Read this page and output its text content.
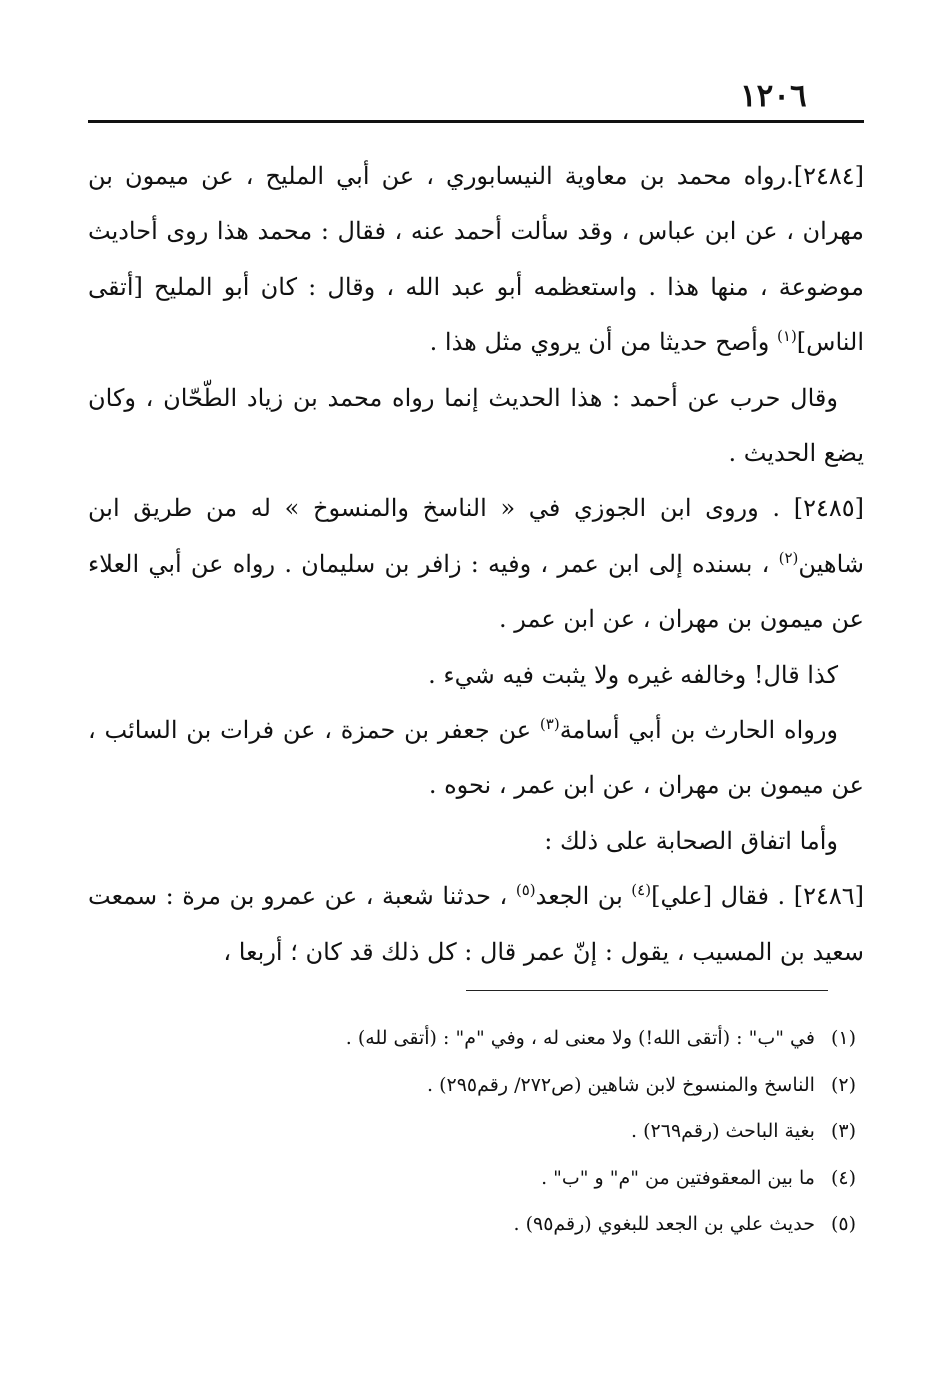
١٢٠٦

[٢٤٨٤].رواه محمد بن معاوية النيسابوري ، عن أبي المليح ، عن ميمون بن مهران ، عن ابن عباس ، وقد سألت أحمد عنه ، فقال : محمد هذا روى أحاديث موضوعة ، منها هذا . واستعظمه أبو عبد الله ، وقال : كان أبو المليح [أتقى الناس]$^{(١)}$ وأصح حديثا من أن يروي مثل هذا .

وقال حرب عن أحمد : هذا الحديث إنما رواه محمد بن زياد الطّحّان ، وكان يضع الحديث .

[٢٤٨٥] . وروى ابن الجوزي في « الناسخ والمنسوخ » له من طريق ابن شاهين$^{(٢)}$ ، بسنده إلى ابن عمر ، وفيه : زافر بن سليمان . رواه عن أبي العلاء عن ميمون بن مهران ، عن ابن عمر .

كذا قال! وخالفه غيره ولا يثبت فيه شيء .

ورواه الحارث بن أبي أسامة$^{(٣)}$ عن جعفر بن حمزة ، عن فرات بن السائب ، عن ميمون بن مهران ، عن ابن عمر ، نحوه .

وأما اتفاق الصحابة على ذلك :

[٢٤٨٦] . فقال [علي]$^{(٤)}$ بن الجعد$^{(٥)}$ ، حدثنا شعبة ، عن عمرو بن مرة : سمعت سعيد بن المسيب ، يقول : إنّ عمر قال : كل ذلك قد كان ؛ أربعا ،

(١)في "ب" : (أتقى الله!) ولا معنى له ، وفي "م" : (أتقى لله) .

(٢)الناسخ والمنسوخ لابن شاهين (ص٢٧٢/ رقم٢٩٥) .

(٣)بغية الباحث (رقم٢٦٩) .

(٤)ما بين المعقوفتين من "م" و "ب" .

(٥)حديث علي بن الجعد للبغوي (رقم٩٥) .
